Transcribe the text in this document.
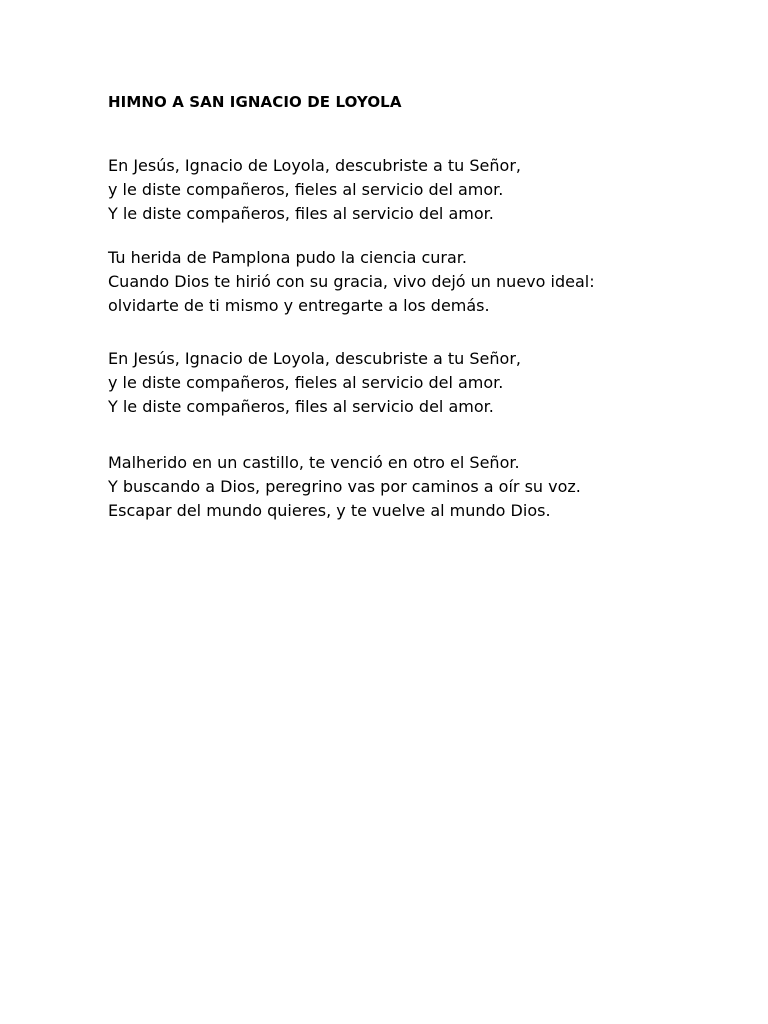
HIMNO A SAN IGNACIO DE LOYOLA
En Jesús, Ignacio de Loyola, descubriste a tu Señor,
y le diste compañeros, fieles al servicio del amor.
Y le diste compañeros, files al servicio del amor.
Tu herida de Pamplona pudo la ciencia curar.
Cuando Dios te hirió con su gracia, vivo dejó un nuevo ideal:
olvidarte de ti mismo y entregarte a los demás.
En Jesús, Ignacio de Loyola, descubriste a tu Señor,
y le diste compañeros, fieles al servicio del amor.
Y le diste compañeros, files al servicio del amor.
Malherido en un castillo, te venció en otro el Señor.
Y buscando a Dios, peregrino vas por caminos a oír su voz.
Escapar del mundo quieres, y te vuelve al mundo Dios.
